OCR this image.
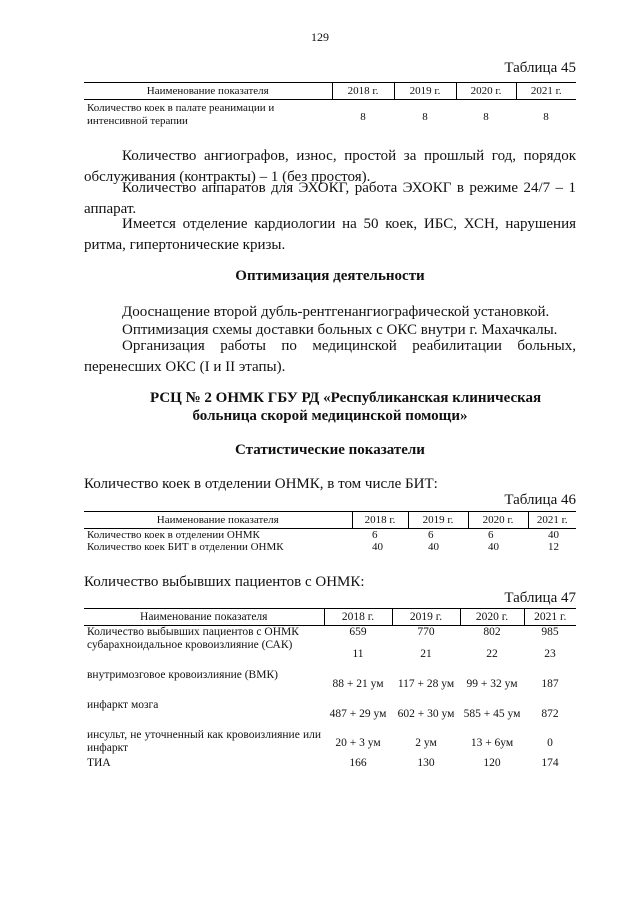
129
Таблица 45
Наименование показателя	2018 г.	2019 г.	2020 г.	2021 г.
Количество коек в палате реанимации и интенсивной терапии	8	8	8	8

Количество ангиографов, износ, простой за прошлый год, порядок обслуживания (контракты) – 1 (без простоя).

Количество аппаратов для ЭХОКГ, работа ЭХОКГ в режиме 24/7 – 1 аппарат.

Имеется отделение кардиологии на 50 коек, ИБС, ХСН, нарушения ритма, гипертонические кризы.

Оптимизация деятельности

Дооснащение второй дубль-рентгенангиографической установкой.

Оптимизация схемы доставки больных с ОКС внутри г. Махачкалы.

Организация работы по медицинской реабилитации больных, перенесших ОКС (I и II этапы).

РСЦ № 2 ОНМК ГБУ РД «Республиканская клиническая
больница скорой медицинской помощи»
Статистические показатели

Количество коек в отделении ОНМК, в том числе БИТ:

Таблица 46
Наименование показателя	2018 г.	2019 г.	2020 г.	2021 г.
Количество коек в отделении ОНМК	6	6	6	40
Количество коек БИТ в отделении ОНМК	40	40	40	12

Количество выбывших пациентов с ОНМК:

Таблица 47
Наименование показателя	2018 г.	2019 г.	2020 г.	2021 г.
Количество выбывших пациентов с ОНМК	659	770	802	985
субарахноидальное кровоизлияние (САК)	11	21	22	23
внутримозговое кровоизлияние (ВМК)	88 + 21 ум	117 + 28 ум	99 + 32 ум	187
инфаркт мозга	487 + 29 ум	602 + 30 ум	585 + 45 ум	872
инсульт, не уточненный как кровоизлияние или инфаркт	20 + 3 ум	2 ум	13 + 6ум	0
ТИА	166	130	120	174
